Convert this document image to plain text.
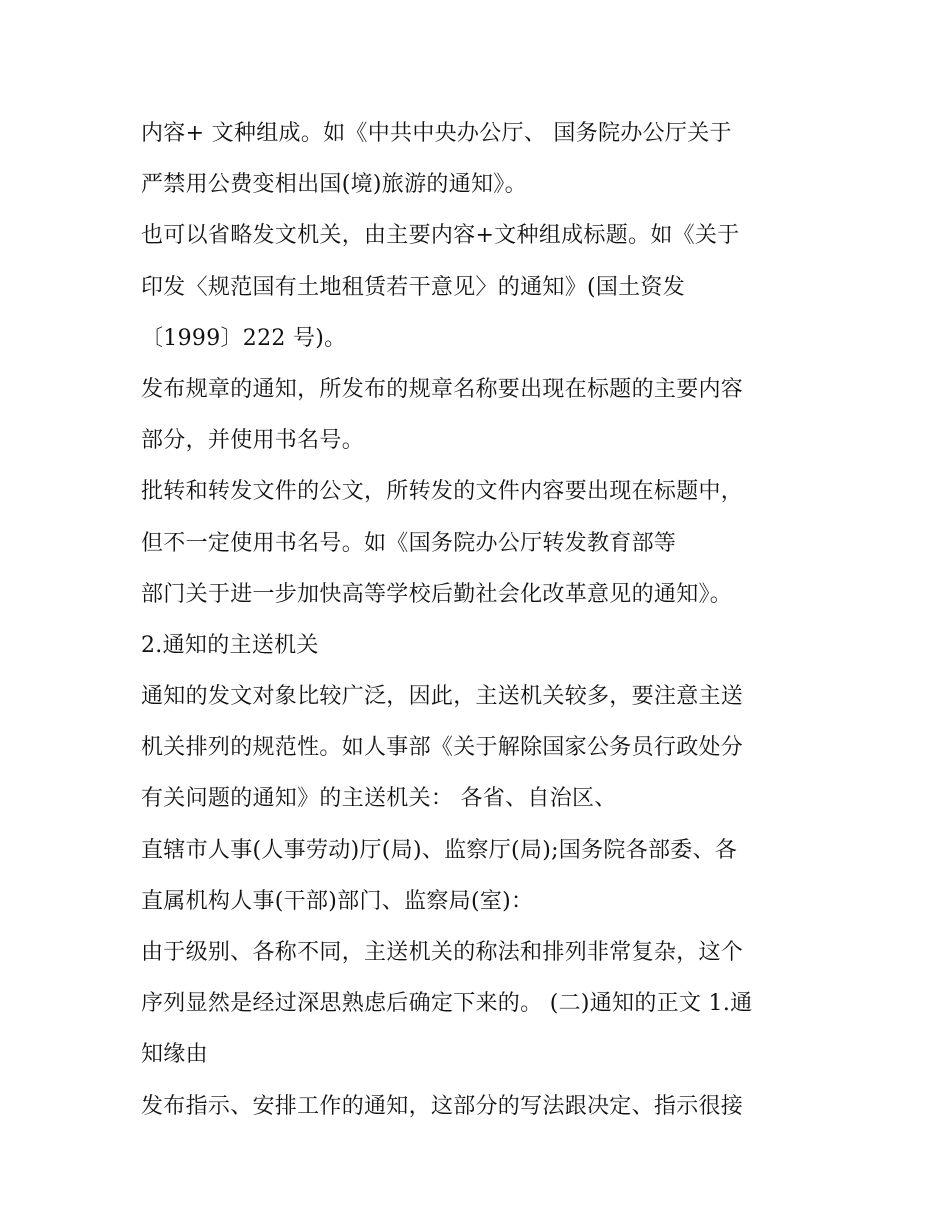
内容+ 文种组成。如《中共中央办公厅、 国务院办公厅关于
严禁用公费变相出国(境)旅游的通知》。
也可以省略发文机关，由主要内容+文种组成标题。如《关于
印发〈规范国有土地租赁若干意见〉的通知》(国土资发
〔1999〕222 号)。
发布规章的通知，所发布的规章名称要出现在标题的主要内容
部分，并使用书名号。
批转和转发文件的公文，所转发的文件内容要出现在标题中，
但不一定使用书名号。如《国务院办公厅转发教育部等
部门关于进一步加快高等学校后勤社会化改革意见的通知》。
2.通知的主送机关
通知的发文对象比较广泛，因此，主送机关较多，要注意主送
机关排列的规范性。如人事部《关于解除国家公务员行政处分
有关问题的通知》的主送机关： 各省、自治区、
直辖市人事(人事劳动)厅(局)、监察厅(局);国务院各部委、各
直属机构人事(干部)部门、监察局(室)：
由于级别、各称不同，主送机关的称法和排列非常复杂，这个
序列显然是经过深思熟虑后确定下来的。 (二)通知的正文 1.通
知缘由
发布指示、安排工作的通知，这部分的写法跟决定、指示很接
